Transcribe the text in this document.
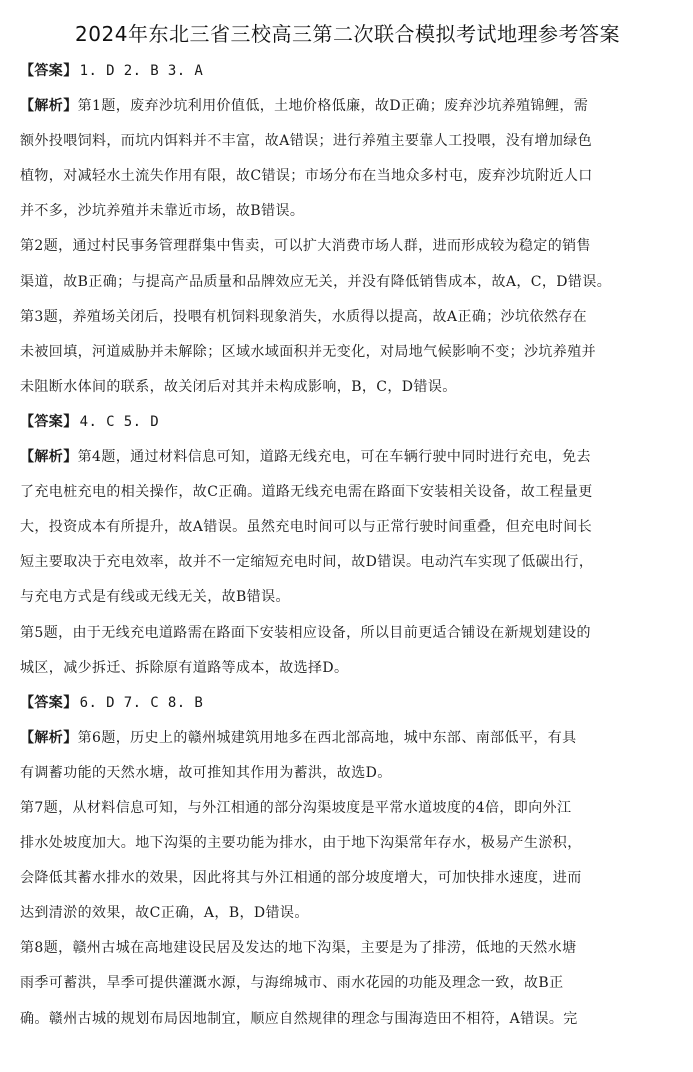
2024年东北三省三校高三第二次联合模拟考试地理参考答案
【答案】 1. D 2. B 3. A
【解析】第1题，废弃沙坑利用价值低，土地价格低廉，故D正确；废弃沙坑养殖锦鲤，需
额外投喂饲料，而坑内饵料并不丰富，故A错误；进行养殖主要靠人工投喂，没有增加绿色
植物，对减轻水土流失作用有限，故C错误；市场分布在当地众多村屯，废弃沙坑附近人口
并不多，沙坑养殖并未靠近市场，故B错误。
第2题，通过村民事务管理群集中售卖，可以扩大消费市场人群，进而形成较为稳定的销售
渠道，故B正确；与提高产品质量和品牌效应无关，并没有降低销售成本，故A，C，D错误。
第3题，养殖场关闭后，投喂有机饲料现象消失，水质得以提高，故A正确；沙坑依然存在
未被回填，河道威胁并未解除；区域水域面积并无变化，对局地气候影响不变；沙坑养殖并
未阻断水体间的联系，故关闭后对其并未构成影响，B，C，D错误。
【答案】 4. C 5. D
【解析】第4题，通过材料信息可知，道路无线充电，可在车辆行驶中同时进行充电，免去
了充电桩充电的相关操作，故C正确。道路无线充电需在路面下安装相关设备，故工程量更
大，投资成本有所提升，故A错误。虽然充电时间可以与正常行驶时间重叠，但充电时间长
短主要取决于充电效率，故并不一定缩短充电时间，故D错误。电动汽车实现了低碳出行，
与充电方式是有线或无线无关，故B错误。
第5题，由于无线充电道路需在路面下安装相应设备，所以目前更适合铺设在新规划建设的
城区，减少拆迁、拆除原有道路等成本，故选择D。
【答案】 6. D 7. C 8. B
【解析】第6题，历史上的赣州城建筑用地多在西北部高地，城中东部、南部低平，有具
有调蓄功能的天然水塘，故可推知其作用为蓄洪，故选D。
第7题，从材料信息可知，与外江相通的部分沟渠坡度是平常水道坡度的4倍，即向外江
排水处坡度加大。地下沟渠的主要功能为排水，由于地下沟渠常年存水，极易产生淤积，
会降低其蓄水排水的效果，因此将其与外江相通的部分坡度增大，可加快排水速度，进而
达到清淤的效果，故C正确，A，B，D错误。
第8题，赣州古城在高地建设民居及发达的地下沟渠，主要是为了排涝，低地的天然水塘
雨季可蓄洪，旱季可提供灌溉水源，与海绵城市、雨水花园的功能及理念一致，故B正
确。赣州古城的规划布局因地制宜，顺应自然规律的理念与围海造田不相符，A错误。完
